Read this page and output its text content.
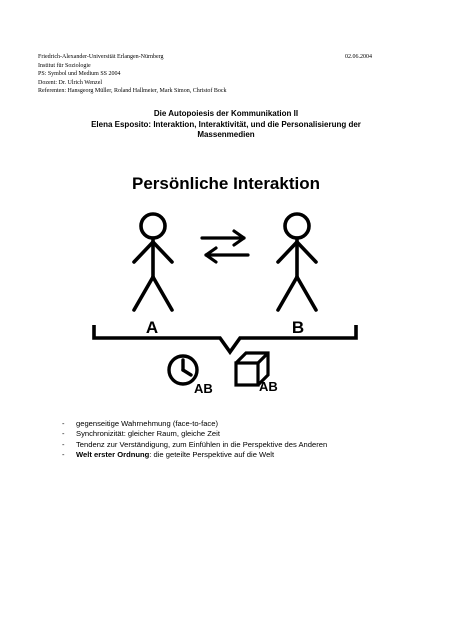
Friedrich-Alexander-Universität Erlangen-Nürnberg	02.06.2004
Institut für Soziologie
PS: Symbol und Medium SS 2004
Dozent: Dr. Ulrich Wenzel
Referenten: Hansgeorg Müller, Roland Hallmeier, Mark Simon, Christof Bock
Die Autopoiesis der Kommunikation II
Elena Esposito: Interaktion, Interaktivität, und die Personalisierung der
Massenmedien
Persönliche Interaktion
A	B
AB	AB
- gegenseitige Wahrnehmung (face-to-face)
- Synchronizität: gleicher Raum, gleiche Zeit
- Tendenz zur Verständigung, zum Einfühlen in die Perspektive des Anderen
- Welt erster Ordnung: die geteilte Perspektive auf die Welt
